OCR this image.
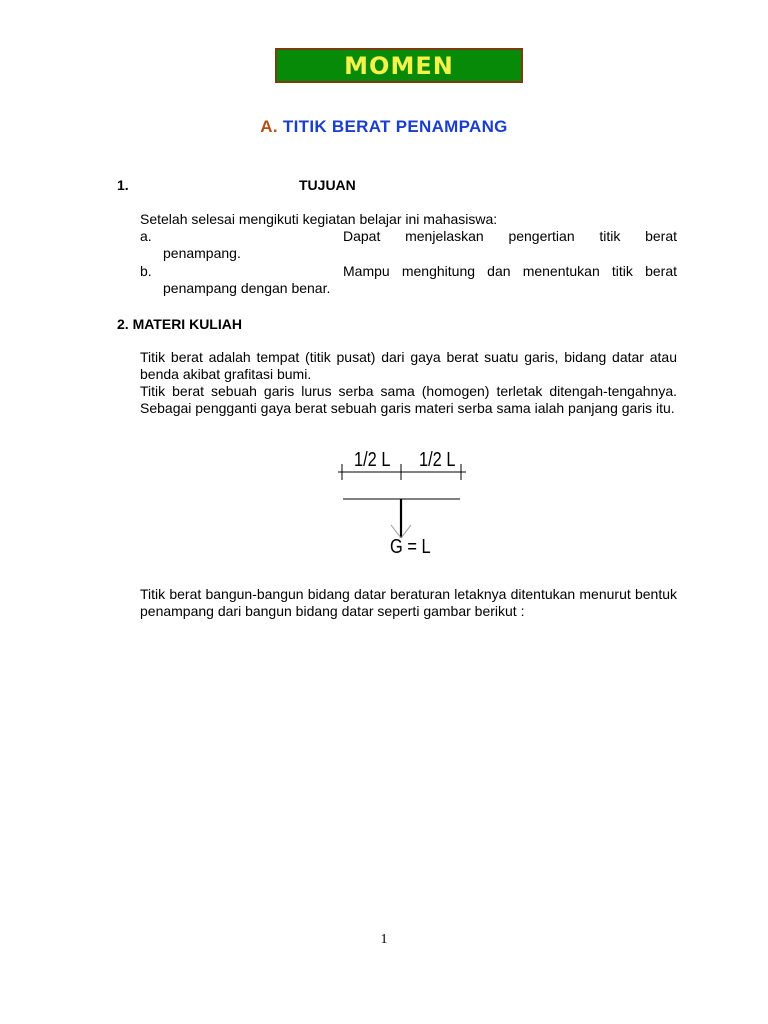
MOMEN
A. TITIK BERAT PENAMPANG
1.	TUJUAN
Setelah selesai mengikuti kegiatan belajar ini mahasiswa:
a.	Dapat menjelaskan pengertian titik berat
penampang.
b.	Mampu menghitung dan menentukan titik berat
penampang dengan benar.
2. MATERI KULIAH

Titik berat adalah tempat (titik pusat) dari gaya berat suatu garis, bidang datar atau benda akibat grafitasi bumi.

Titik berat sebuah garis lurus serba sama (homogen) terletak ditengah-tengahnya. Sebagai pengganti gaya berat sebuah garis materi serba sama ialah panjang garis itu.

1/2 L 1/2 L
G = L
Titik berat bangun-bangun bidang datar beraturan letaknya ditentukan menurut bentuk penampang dari bangun bidang datar seperti gambar berikut :
1
